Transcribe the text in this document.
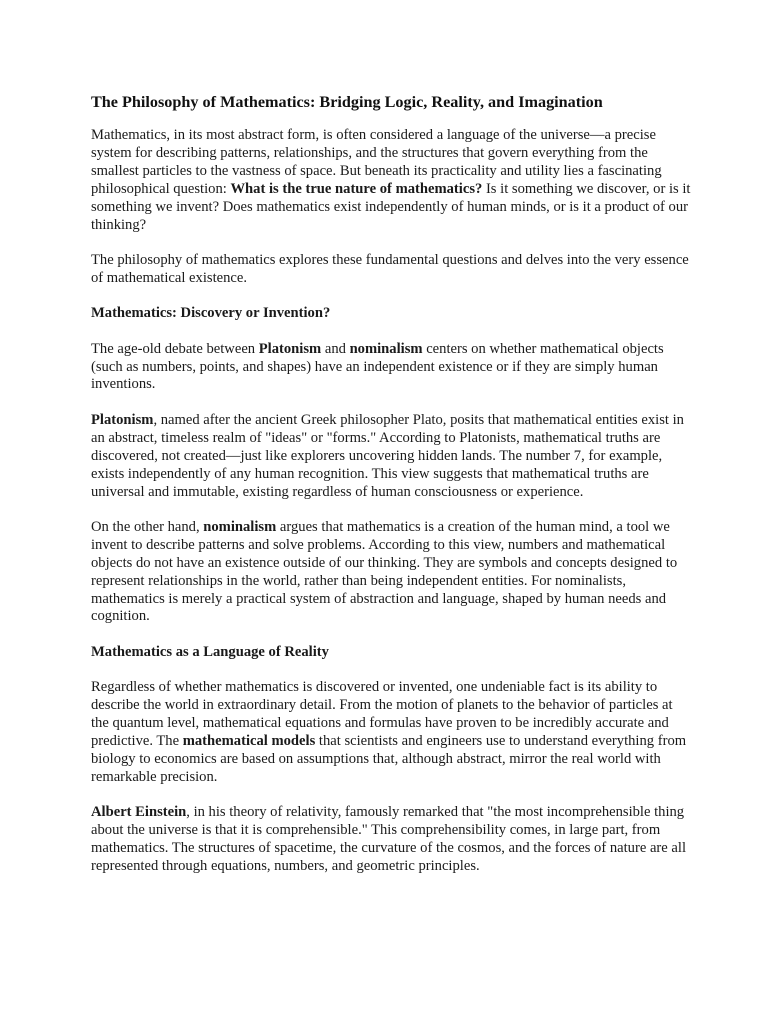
The Philosophy of Mathematics: Bridging Logic, Reality, and Imagination

Mathematics, in its most abstract form, is often considered a language of the universe—a precise system for describing patterns, relationships, and the structures that govern everything from the smallest particles to the vastness of space. But beneath its practicality and utility lies a fascinating philosophical question: What is the true nature of mathematics? Is it something we discover, or is it something we invent? Does mathematics exist independently of human minds, or is it a product of our thinking?

The philosophy of mathematics explores these fundamental questions and delves into the very essence of mathematical existence.

Mathematics: Discovery or Invention?

The age-old debate between Platonism and nominalism centers on whether mathematical objects (such as numbers, points, and shapes) have an independent existence or if they are simply human inventions.

Platonism, named after the ancient Greek philosopher Plato, posits that mathematical entities exist in an abstract, timeless realm of "ideas" or "forms." According to Platonists, mathematical truths are discovered, not created—just like explorers uncovering hidden lands. The number 7, for example, exists independently of any human recognition. This view suggests that mathematical truths are universal and immutable, existing regardless of human consciousness or experience.

On the other hand, nominalism argues that mathematics is a creation of the human mind, a tool we invent to describe patterns and solve problems. According to this view, numbers and mathematical objects do not have an existence outside of our thinking. They are symbols and concepts designed to represent relationships in the world, rather than being independent entities. For nominalists, mathematics is merely a practical system of abstraction and language, shaped by human needs and cognition.

Mathematics as a Language of Reality

Regardless of whether mathematics is discovered or invented, one undeniable fact is its ability to describe the world in extraordinary detail. From the motion of planets to the behavior of particles at the quantum level, mathematical equations and formulas have proven to be incredibly accurate and predictive. The mathematical models that scientists and engineers use to understand everything from biology to economics are based on assumptions that, although abstract, mirror the real world with remarkable precision.

Albert Einstein, in his theory of relativity, famously remarked that "the most incomprehensible thing about the universe is that it is comprehensible." This comprehensibility comes, in large part, from mathematics. The structures of spacetime, the curvature of the cosmos, and the forces of nature are all represented through equations, numbers, and geometric principles.
